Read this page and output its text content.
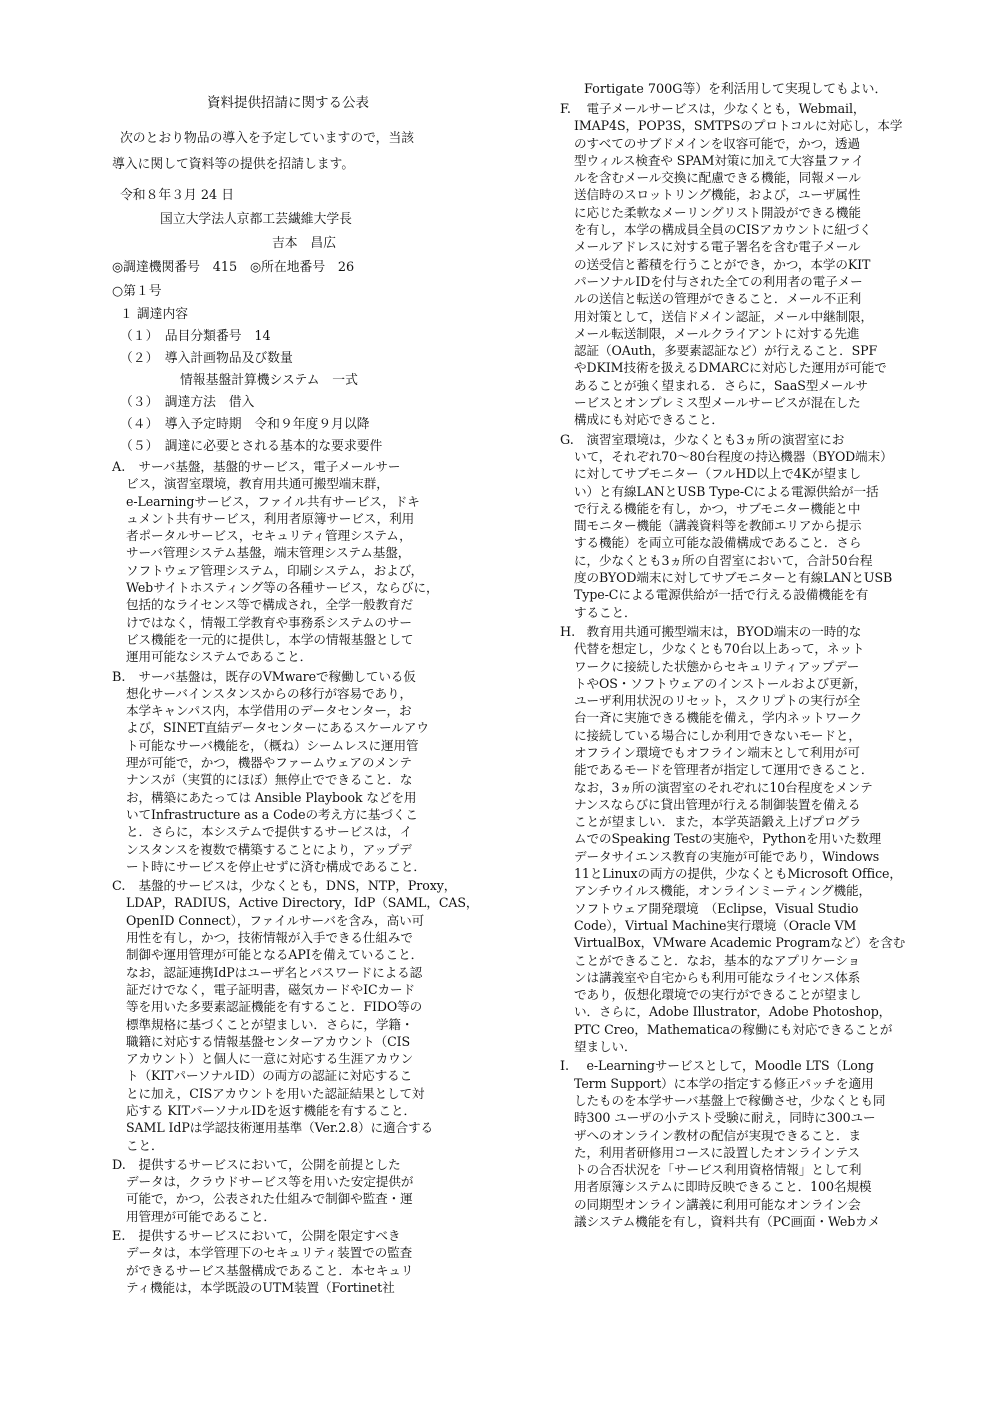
資料提供招請に関する公表

次のとおり物品の導入を予定していますので，当該

導入に関して資料等の提供を招請します。

令和８年３月 24 日

国立大学法人京都工芸繊維大学長

吉本　昌広

◎調達機関番号　415　◎所在地番号　26

○第１号

１ 調達内容

（１）　品目分類番号　14

（２）　導入計画物品及び数量

情報基盤計算機システム　一式

（３）　調達方法　借入

（４）　導入予定時期　令和９年度９月以降

（５）　調達に必要とされる基本的な要求要件

A. 　サーバ基盤，基盤的サービス，電子メールサー
ビス，演習室環境，教育用共通可搬型端末群，
e-Learningサービス，ファイル共有サービス，ドキ
ュメント共有サービス，利用者原簿サービス，利用
者ポータルサービス，セキュリティ管理システム，
サーバ管理システム基盤，端末管理システム基盤，
ソフトウェア管理システム，印刷システム，および，
Webサイトホスティング等の各種サービス，ならびに，
包括的なライセンス等で構成され，全学一般教育だ
けではなく，情報工学教育や事務系システムのサー
ビス機能を一元的に提供し，本学の情報基盤として
運用可能なシステムであること．
B. 　サーバ基盤は，既存のVMwareで稼働している仮
想化サーバインスタンスからの移行が容易であり，
本学キャンパス内，本学借用のデータセンター，お
よび，SINET直結データセンターにあるスケールアウ
ト可能なサーバ機能を，（概ね）シームレスに運用管
理が可能で，かつ，機器やファームウェアのメンテ
ナンスが（実質的にほぼ）無停止でできること．な
お，構築にあたっては Ansible Playbook などを用
いてInfrastructure as a Codeの考え方に基づくこ
と．さらに，本システムで提供するサービスは，イ
ンスタンスを複数で構築することにより，アップデ
ート時にサービスを停止せずに済む構成であること．
C. 　基盤的サービスは，少なくとも，DNS，NTP，Proxy，
LDAP，RADIUS，Active Directory，IdP（SAML，CAS，
OpenID Connect），ファイルサーバを含み，高い可
用性を有し，かつ，技術情報が入手できる仕組みで
制御や運用管理が可能となるAPIを備えていること．
なお，認証連携IdPはユーザ名とパスワードによる認
証だけでなく，電子証明書，磁気カードやICカード
等を用いた多要素認証機能を有すること．FIDO等の
標準規格に基づくことが望ましい．さらに，学籍・
職籍に対応する情報基盤センターアカウント（CIS
アカウント）と個人に一意に対応する生涯アカウン
ト（KITパーソナルID）の両方の認証に対応するこ
とに加え，CISアカウントを用いた認証結果として対
応する KITパーソナルIDを返す機能を有すること．
SAML IdPは学認技術運用基準（Ver.2.8）に適合する
こと．
D. 　提供するサービスにおいて，公開を前提とした
データは，クラウドサービス等を用いた安定提供が
可能で，かつ，公表された仕組みで制御や監査・運
用管理が可能であること．
E. 　提供するサービスにおいて，公開を限定すべき
データは，本学管理下のセキュリティ装置での監査
ができるサービス基盤構成であること．本セキュリ
ティ機能は，本学既設のUTM装置（Fortinet社

Fortigate 700G等）を利活用して実現してもよい．

F. 　電子メールサービスは，少なくとも，Webmail，
IMAP4S，POP3S，SMTPSのプロトコルに対応し，本学
のすべてのサブドメインを収容可能で，かつ，透過
型ウィルス検査や SPAM対策に加えて大容量ファイ
ルを含むメール交換に配慮できる機能，同報メール
送信時のスロットリング機能，および，ユーザ属性
に応じた柔軟なメーリングリスト開設ができる機能
を有し，本学の構成員全員のCISアカウントに紐づく
メールアドレスに対する電子署名を含む電子メール
の送受信と蓄積を行うことができ，かつ，本学のKIT
パーソナルIDを付与された全ての利用者の電子メー
ルの送信と転送の管理ができること．メール不正利
用対策として，送信ドメイン認証，メール中継制限，
メール転送制限，メールクライアントに対する先進
認証（OAuth，多要素認証など）が行えること．SPF
やDKIM技術を扱えるDMARCに対応した運用が可能で
あることが強く望まれる．さらに，SaaS型メールサ
ービスとオンプレミス型メールサービスが混在した
構成にも対応できること．
G. 　演習室環境は，少なくとも3ヵ所の演習室にお
いて，それぞれ70～80台程度の持込機器（BYOD端末）
に対してサブモニター（フルHD以上で4Kが望まし
い）と有線LANとUSB Type-Cによる電源供給が一括
で行える機能を有し，かつ，サブモニター機能と中
間モニター機能（講義資料等を教師エリアから提示
する機能）を両立可能な設備構成であること．さら
に，少なくとも3ヵ所の自習室において，合計50台程
度のBYOD端末に対してサブモニターと有線LANとUSB
Type-Cによる電源供給が一括で行える設備機能を有
すること．
H.
　教育用共通可搬型端末は，BYOD端末の一時的な
代替を想定し，少なくとも70台以上あって，ネット
ワークに接続した状態からセキュリティアップデー
トやOS・ソフトウェアのインストールおよび更新，
ユーザ利用状況のリセット，スクリプトの実行が全
台一斉に実施できる機能を備え，学内ネットワーク
に接続している場合にしか利用できないモードと，
オフライン環境でもオフライン端末として利用が可
能であるモードを管理者が指定して運用できること．
なお，3ヵ所の演習室のそれぞれに10台程度をメンテ
ナンスならびに貸出管理が行える制御装置を備える
ことが望ましい．また，本学英語鍛え上げプログラ
ムでのSpeaking Testの実施や，Pythonを用いた数理
データサイエンス教育の実施が可能であり，Windows
11とLinuxの両方の提供，少なくともMicrosoft Office，
アンチウイルス機能，オンラインミーティング機能，
ソフトウェア開発環境　（Eclipse，Visual Studio
Code），Virtual Machine実行環境（Oracle VM
VirtualBox，VMware Academic Programなど）を含む
ことができること．なお，基本的なアプリケーショ
ンは講義室や自宅からも利用可能なライセンス体系
であり，仮想化環境での実行ができることが望まし
い．さらに，Adobe Illustrator，Adobe Photoshop，
PTC Creo，Mathematicaの稼働にも対応できることが
望ましい．
I. 　e-Learningサービスとして，Moodle LTS（Long
Term Support）に本学の指定する修正パッチを適用
したものを本学サーバ基盤上で稼働させ，少なくとも同
時300 ユーザの小テスト受験に耐え，同時に300ユー
ザへのオンライン教材の配信が実現できること．ま
た，利用者研修用コースに設置したオンラインテス
トの合否状況を「サービス利用資格情報」として利
用者原簿システムに即時反映できること．100名規模
の同期型オンライン講義に利用可能なオンライン会
議システム機能を有し，資料共有（PC画面・Webカメ
